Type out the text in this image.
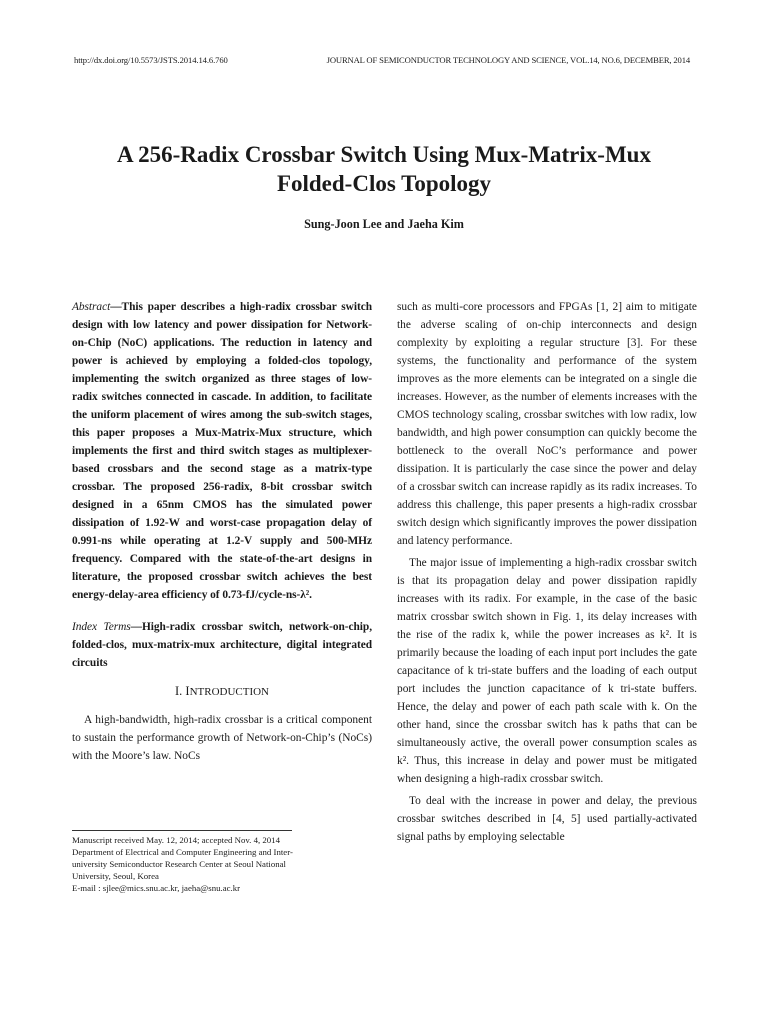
http://dx.doi.org/10.5573/JSTS.2014.14.6.760	JOURNAL OF SEMICONDUCTOR TECHNOLOGY AND SCIENCE, VOL.14, NO.6, DECEMBER, 2014
A 256-Radix Crossbar Switch Using Mux-Matrix-Mux
Folded-Clos Topology
Sung-Joon Lee and Jaeha Kim

Abstract—This paper describes a high-radix crossbar switch design with low latency and power dissipation for Network-on-Chip (NoC) applications. The reduction in latency and power is achieved by employing a folded-clos topology, implementing the switch organized as three stages of low-radix switches connected in cascade. In addition, to facilitate the uniform placement of wires among the sub-switch stages, this paper proposes a Mux-Matrix-Mux structure, which implements the first and third switch stages as multiplexer-based crossbars and the second stage as a matrix-type crossbar. The proposed 256-radix, 8-bit crossbar switch designed in a 65nm CMOS has the simulated power dissipation of 1.92-W and worst-case propagation delay of 0.991-ns while operating at 1.2-V supply and 500-MHz frequency. Compared with the state-of-the-art designs in literature, the proposed crossbar switch achieves the best energy-delay-area efficiency of 0.73-fJ/cycle-ns-λ².

Index Terms—High-radix crossbar switch, network-on-chip, folded-clos, mux-matrix-mux architecture, digital integrated circuits

I. INTRODUCTION

A high-bandwidth, high-radix crossbar is a critical component to sustain the performance growth of Network-on-Chip’s (NoCs) with the Moore’s law. NoCs

such as multi-core processors and FPGAs [1, 2] aim to mitigate the adverse scaling of on-chip interconnects and design complexity by exploiting a regular structure [3]. For these systems, the functionality and performance of the system improves as the more elements can be integrated on a single die increases. However, as the number of elements increases with the CMOS technology scaling, crossbar switches with low radix, low bandwidth, and high power consumption can quickly become the bottleneck to the overall NoC’s performance and power dissipation. It is particularly the case since the power and delay of a crossbar switch can increase rapidly as its radix increases. To address this challenge, this paper presents a high-radix crossbar switch design which significantly improves the power dissipation and latency performance.

The major issue of implementing a high-radix crossbar switch is that its propagation delay and power dissipation rapidly increases with its radix. For example, in the case of the basic matrix crossbar switch shown in Fig. 1, its delay increases with the rise of the radix k, while the power increases as k². It is primarily because the loading of each input port includes the gate capacitance of k tri-state buffers and the loading of each output port includes the junction capacitance of k tri-state buffers. Hence, the delay and power of each path scale with k. On the other hand, since the crossbar switch has k paths that can be simultaneously active, the overall power consumption scales as k². Thus, this increase in delay and power must be mitigated when designing a high-radix crossbar switch.

To deal with the increase in power and delay, the previous crossbar switches described in [4, 5] used partially-activated signal paths by employing selectable

Manuscript received May. 12, 2014; accepted Nov. 4, 2014
Department of Electrical and Computer Engineering and Inter-
university Semiconductor Research Center at Seoul National
University, Seoul, Korea
E-mail : sjlee@mics.snu.ac.kr, jaeha@snu.ac.kr
